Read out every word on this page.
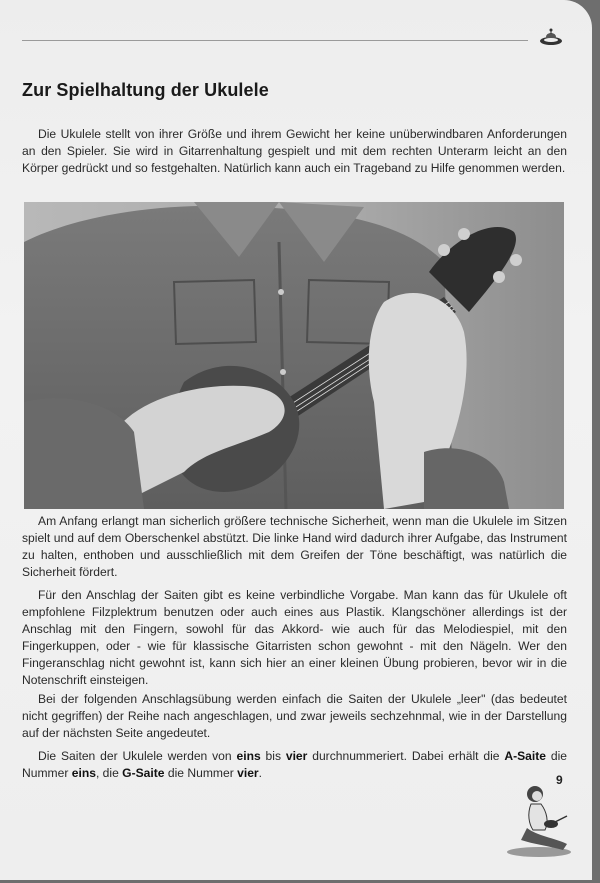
Zur Spielhaltung der Ukulele

Die Ukulele stellt von ihrer Größe und ihrem Gewicht her keine unüberwindbaren Anforderungen an den Spieler. Sie wird in Gitarrenhaltung gespielt und mit dem rechten Unterarm leicht an den Körper gedrückt und so festgehalten. Natürlich kann auch ein Trageband zu Hilfe genommen werden.

Am Anfang erlangt man sicherlich größere technische Sicherheit, wenn man die Ukulele im Sitzen spielt und auf dem Oberschenkel abstützt. Die linke Hand wird dadurch ihrer Aufgabe, das Instrument zu halten, enthoben und ausschließlich mit dem Greifen der Töne beschäftigt, was natürlich die Sicherheit fördert.

Für den Anschlag der Saiten gibt es keine verbindliche Vorgabe. Man kann das für Ukulele oft empfohlene Filzplektrum benutzen oder auch eines aus Plastik. Klangschöner allerdings ist der Anschlag mit den Fingern, sowohl für das Akkord- wie auch für das Melodiespiel, mit den Fingerkuppen, oder - wie für klassische Gitarristen schon gewohnt - mit den Nägeln. Wer den Fingeranschlag nicht gewohnt ist, kann sich hier an einer kleinen Übung probieren, bevor wir in die Notenschrift einsteigen.

Bei der folgenden Anschlagsübung werden einfach die Saiten der Ukulele „leer" (das bedeutet nicht gegriffen) der Reihe nach angeschlagen, und zwar jeweils sechzehnmal, wie in der Darstellung auf der nächsten Seite angedeutet.

Die Saiten der Ukulele werden von eins bis vier durchnummeriert. Dabei erhält die A-Saite die Nummer eins, die G-Saite die Nummer vier.	9
